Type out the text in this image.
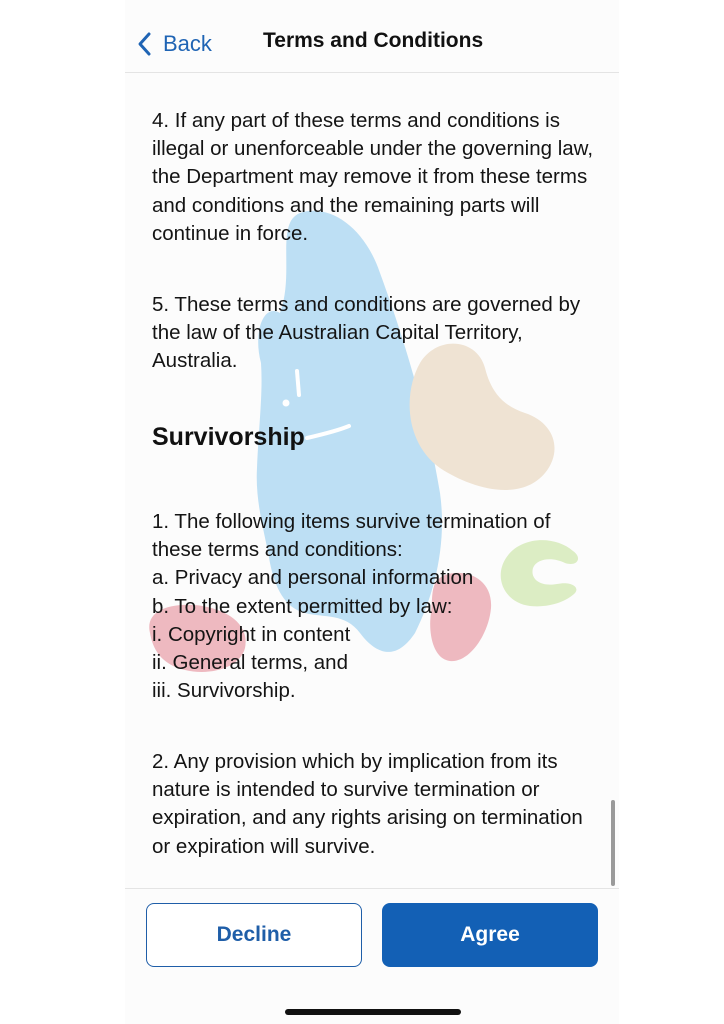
Back Terms and Conditions

4. If any part of these terms and conditions is illegal or unenforceable under the governing law, the Department may remove it from these terms and conditions and the remaining parts will continue in force.

5. These terms and conditions are governed by the law of the Australian Capital Territory, Australia.

Survivorship

1. The following items survive termination of these terms and conditions:
a. Privacy and personal information
b. To the extent permitted by law:
i. Copyright in content
ii. General terms, and
iii. Survivorship.

2. Any provision which by implication from its nature is intended to survive termination or expiration, and any rights arising on termination or expiration will survive.

Decline	Agree
